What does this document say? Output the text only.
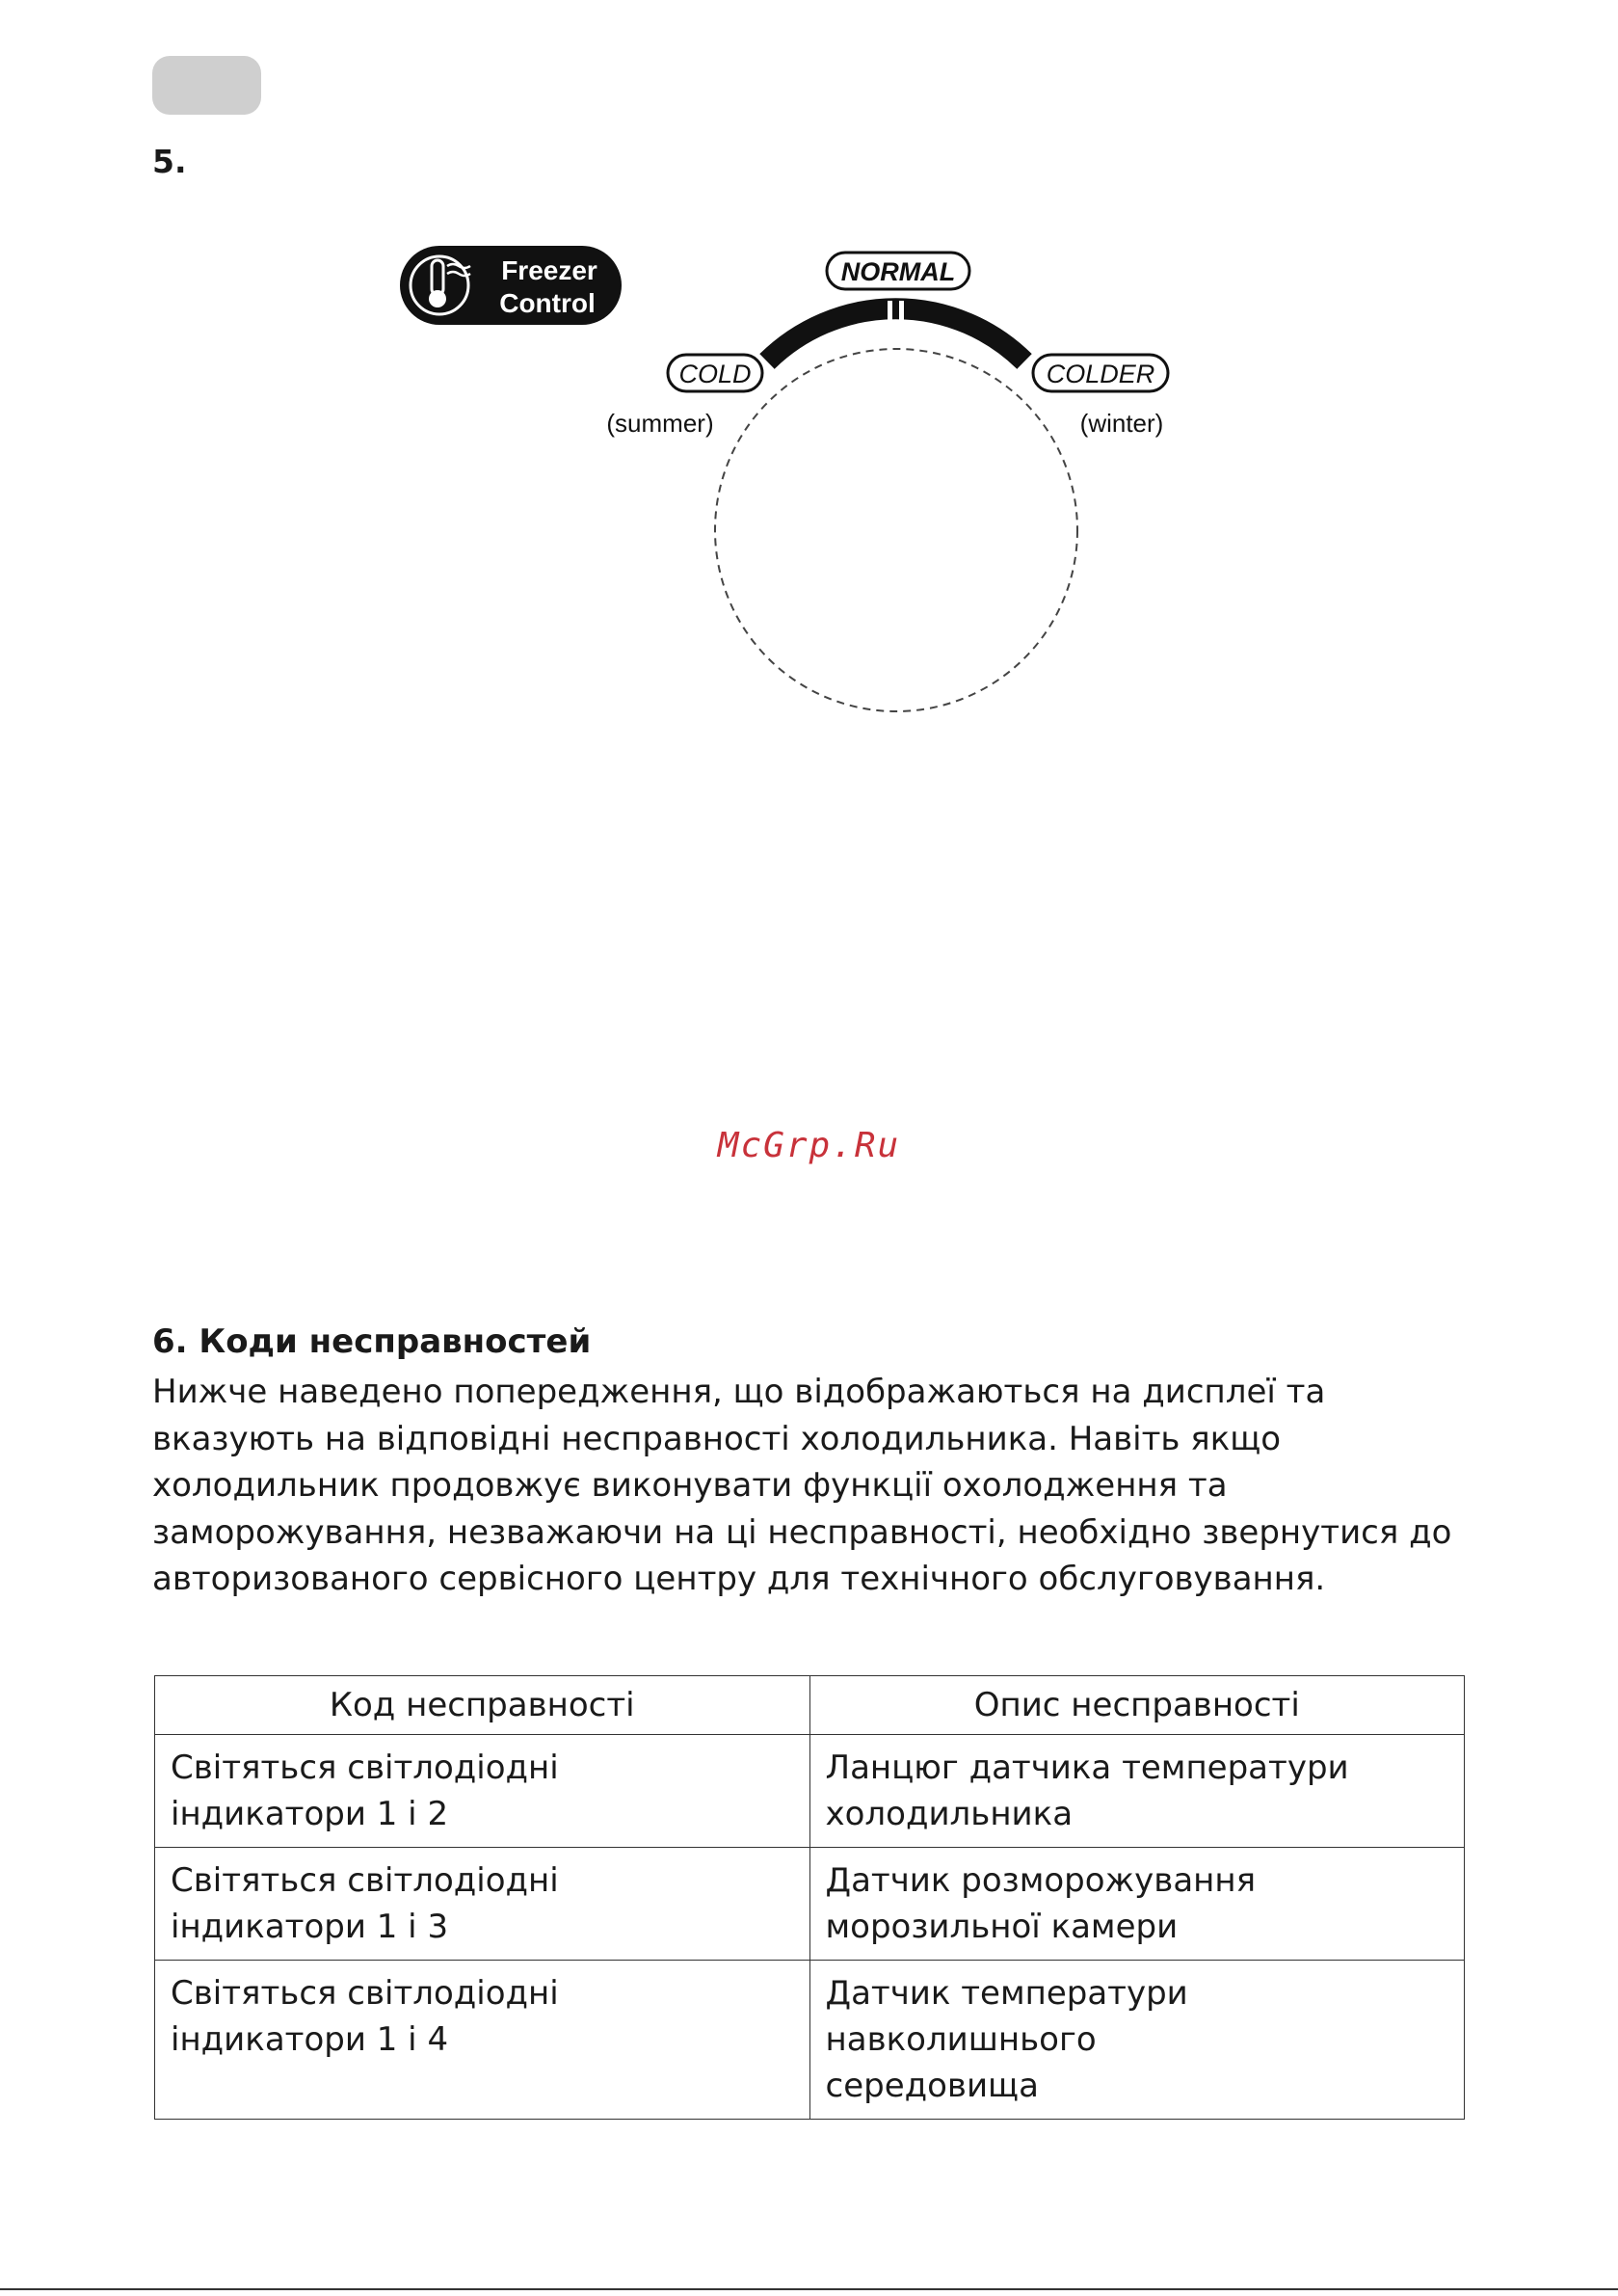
5.
Freezer
Control
NORMAL
COLD
(summer)
COLDER
(winter)
McGrp.Ru
6. Коди несправностей

Нижче наведено попередження, що відображаються на дисплеї та вказують на відповідні несправності холодильника. Навіть якщо холодильник продовжує виконувати функції охолодження та заморожування, незважаючи на ці несправності, необхідно звернутися до авторизованого сервісного центру для технічного обслуговування.

Код несправності	Опис несправності

Світяться світлодіодні
індикатори 1 і 2	Ланцюг датчика температури
холодильника

Світяться світлодіодні
індикатори 1 і 3	Датчик розморожування
морозильної камери

Світяться світлодіодні
індикатори 1 і 4	Датчик температури навколишнього
середовища
